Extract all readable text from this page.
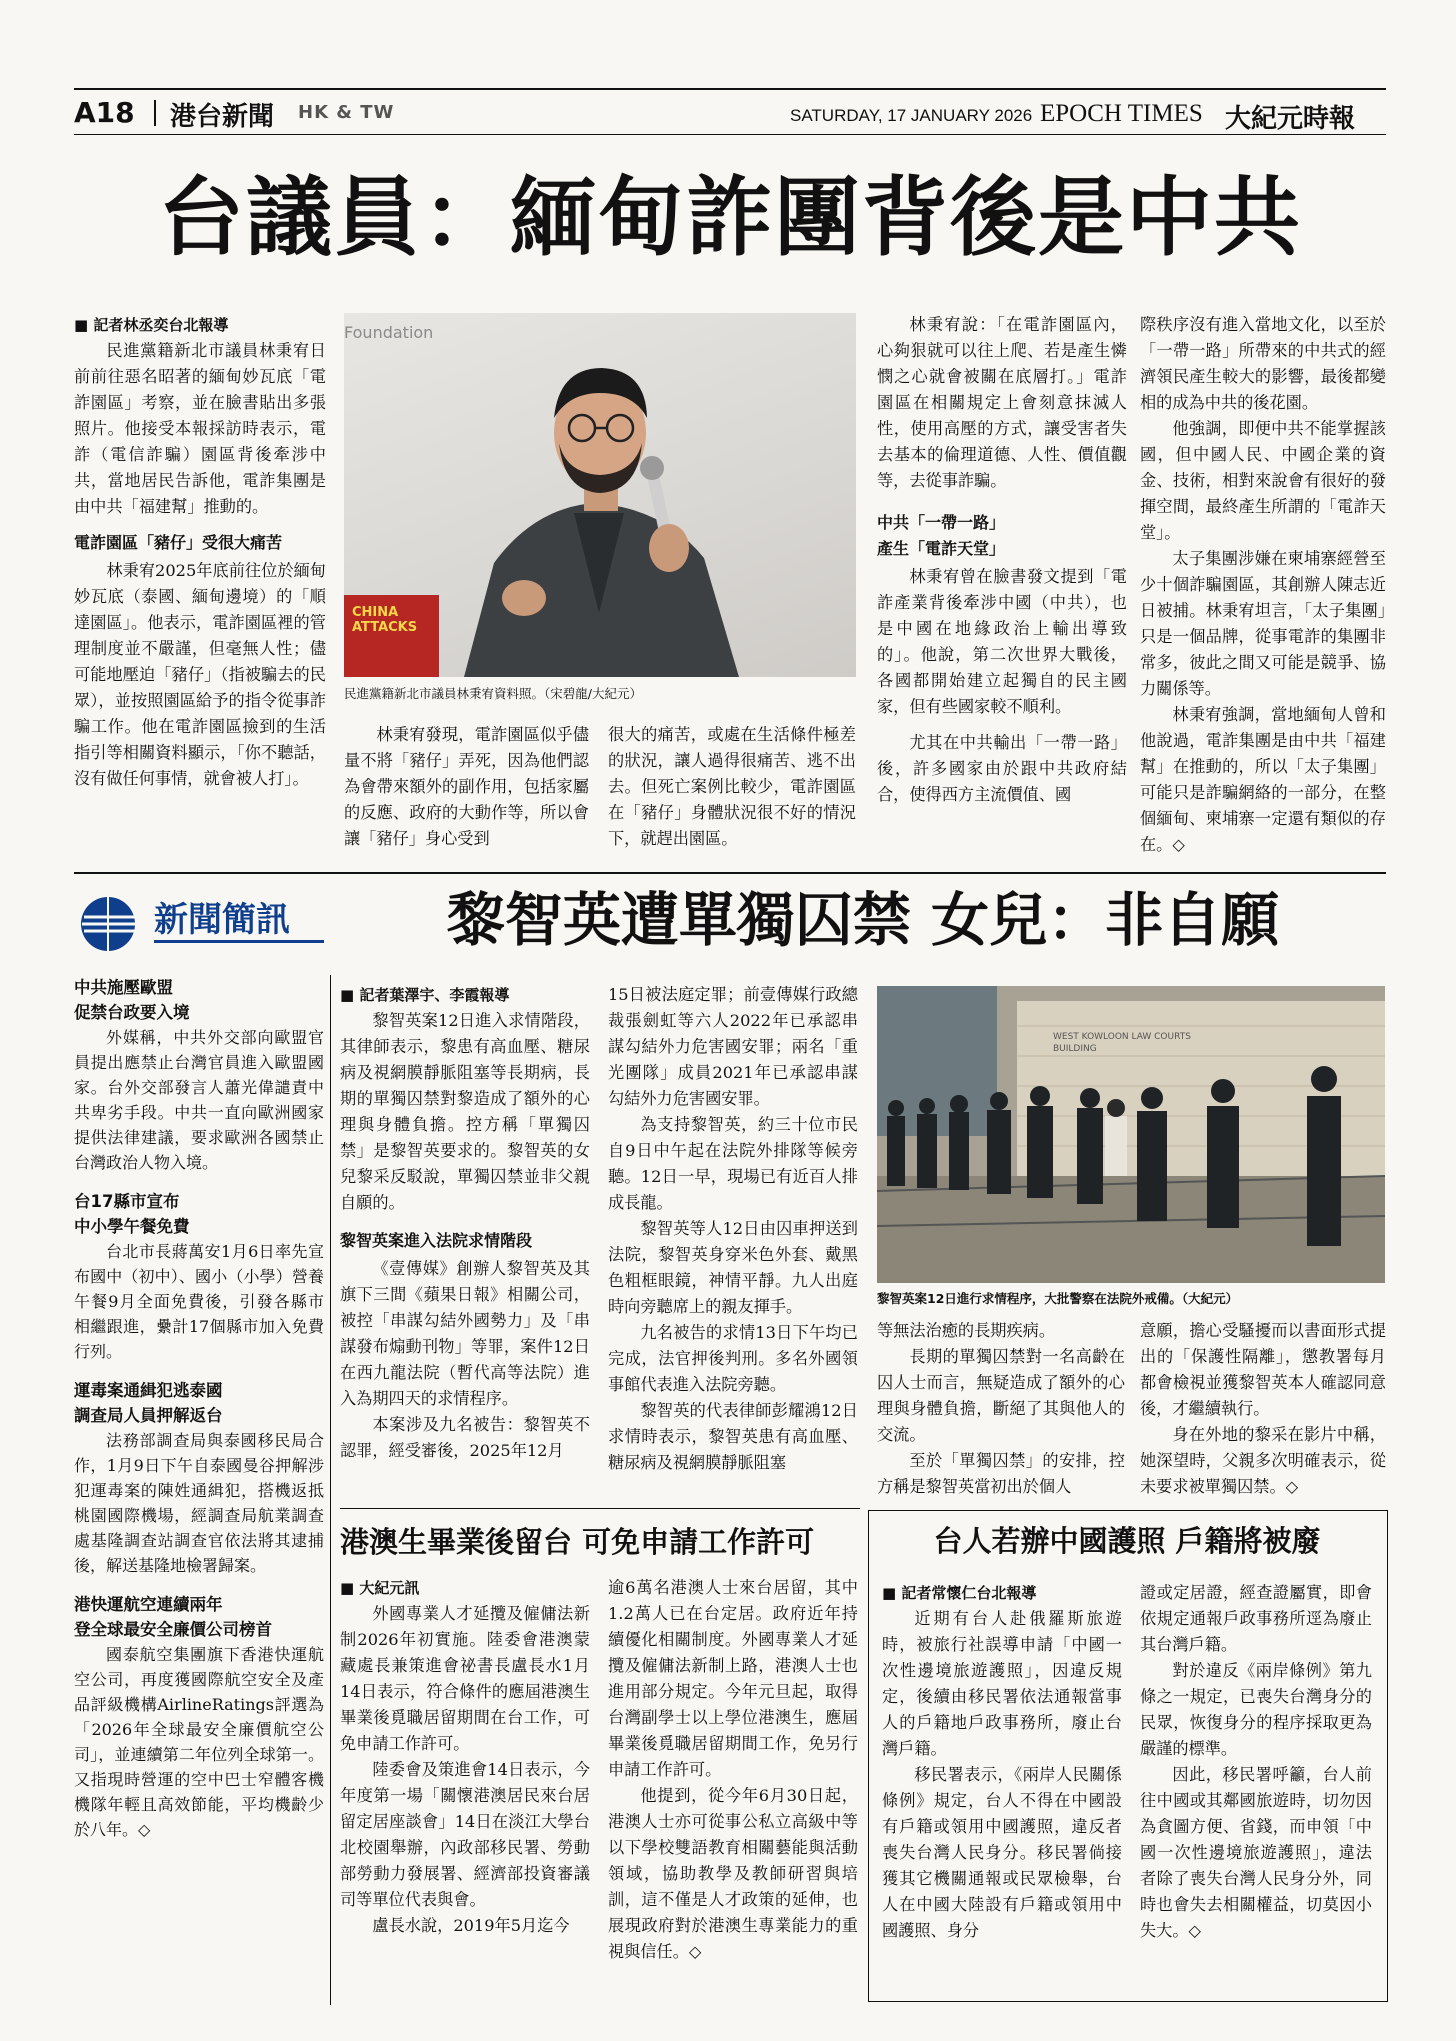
A18 港台新聞 HK & TW	SATURDAY, 17 JANUARY 2026 EPOCH TIMES 大紀元時報
台議員：緬甸詐團背後是中共

■ 記者林丞奕台北報導

民進黨籍新北市議員林秉宥日前前往惡名昭著的緬甸妙瓦底「電詐園區」考察，並在臉書貼出多張照片。他接受本報採訪時表示，電詐（電信詐騙）園區背後牽涉中共，當地居民告訴他，電詐集團是由中共「福建幫」推動的。

電詐園區「豬仔」受很大痛苦

林秉宥2025年底前往位於緬甸妙瓦底（泰國、緬甸邊境）的「順達園區」。他表示，電詐園區裡的管理制度並不嚴謹，但毫無人性；儘可能地壓迫「豬仔」（指被騙去的民眾），並按照園區給予的指令從事詐騙工作。他在電詐園區撿到的生活指引等相關資料顯示，「你不聽話，沒有做任何事情，就會被人打」。

Foundation
CHINA ATTACKS
民進黨籍新北市議員林秉宥資料照。（宋碧龍/大紀元）

林秉宥發現，電詐園區似乎儘量不將「豬仔」弄死，因為他們認為會帶來額外的副作用，包括家屬的反應、政府的大動作等，所以會讓「豬仔」身心受到

很大的痛苦，或處在生活條件極差的狀況，讓人過得很痛苦、逃不出去。但死亡案例比較少，電詐園區在「豬仔」身體狀況很不好的情況下，就趕出園區。

林秉宥說：「在電詐園區內，心夠狠就可以往上爬、若是產生憐憫之心就會被關在底層打。」電詐園區在相關規定上會刻意抹滅人性，使用高壓的方式，讓受害者失去基本的倫理道德、人性、價值觀等，去從事詐騙。

中共「一帶一路」
產生「電詐天堂」

林秉宥曾在臉書發文提到「電詐產業背後牽涉中國（中共），也是中國在地緣政治上輸出導致的」。他說，第二次世界大戰後，各國都開始建立起獨自的民主國家，但有些國家較不順利。

尤其在中共輸出「一帶一路」後，許多國家由於跟中共政府結合，使得西方主流價值、國

際秩序沒有進入當地文化，以至於「一帶一路」所帶來的中共式的經濟領民產生較大的影響，最後都變相的成為中共的後花園。

他強調，即便中共不能掌握該國，但中國人民、中國企業的資金、技術，相對來說會有很好的發揮空間，最終產生所謂的「電詐天堂」。

太子集團涉嫌在柬埔寨經營至少十個詐騙園區，其創辦人陳志近日被捕。林秉宥坦言，「太子集團」只是一個品牌，從事電詐的集團非常多，彼此之間又可能是競爭、協力關係等。

林秉宥強調，當地緬甸人曾和他說過，電詐集團是由中共「福建幫」在推動的，所以「太子集團」可能只是詐騙網絡的一部分，在整個緬甸、柬埔寨一定還有類似的存在。◇

新聞簡訊
中共施壓歐盟
促禁台政要入境

外媒稱，中共外交部向歐盟官員提出應禁止台灣官員進入歐盟國家。台外交部發言人蕭光偉譴責中共卑劣手段。中共一直向歐洲國家提供法律建議，要求歐洲各國禁止台灣政治人物入境。

台17縣市宣布
中小學午餐免費

台北市長蔣萬安1月6日率先宣布國中（初中）、國小（小學）營養午餐9月全面免費後，引發各縣市相繼跟進，纍計17個縣市加入免費行列。

運毒案通緝犯逃泰國
調查局人員押解返台

法務部調查局與泰國移民局合作，1月9日下午自泰國曼谷押解涉犯運毒案的陳姓通緝犯，搭機返抵桃園國際機場，經調查局航業調查處基隆調查站調查官依法將其逮捕後，解送基隆地檢署歸案。

港快運航空連續兩年
登全球最安全廉價公司榜首

國泰航空集團旗下香港快運航空公司，再度獲國際航空安全及產品評級機構AirlineRatings評選為「2026年全球最安全廉價航空公司」，並連續第二年位列全球第一。又指現時營運的空中巴士窄體客機機隊年輕且高效節能，平均機齡少於八年。◇

黎智英遭單獨囚禁 女兒：非自願

■ 記者葉澤宇、李霞報導

黎智英案12日進入求情階段，其律師表示，黎患有高血壓、糖尿病及視網膜靜脈阻塞等長期病，長期的單獨囚禁對黎造成了額外的心理與身體負擔。控方稱「單獨囚禁」是黎智英要求的。黎智英的女兒黎采反駁說，單獨囚禁並非父親自願的。

黎智英案進入法院求情階段

《壹傳媒》創辦人黎智英及其旗下三間《蘋果日報》相關公司，被控「串謀勾結外國勢力」及「串謀發布煽動刊物」等罪，案件12日在西九龍法院（暫代高等法院）進入為期四天的求情程序。

本案涉及九名被告：黎智英不認罪，經受審後，2025年12月

15日被法庭定罪；前壹傳媒行政總裁張劍虹等六人2022年已承認串謀勾結外力危害國安罪；兩名「重光團隊」成員2021年已承認串謀勾結外力危害國安罪。

為支持黎智英，約三十位市民自9日中午起在法院外排隊等候旁聽。12日一早，現場已有近百人排成長龍。

黎智英等人12日由囚車押送到法院，黎智英身穿米色外套、戴黑色粗框眼鏡，神情平靜。九人出庭時向旁聽席上的親友揮手。

九名被告的求情13日下午均已完成，法官押後判刑。多名外國領事館代表進入法院旁聽。

黎智英的代表律師彭耀鴻12日求情時表示，黎智英患有高血壓、糖尿病及視網膜靜脈阻塞

WEST KOWLOON LAW COURTS BUILDING
黎智英案12日進行求情程序，大批警察在法院外戒備。（大紀元）

等無法治癒的長期疾病。

長期的單獨囚禁對一名高齡在囚人士而言，無疑造成了額外的心理與身體負擔，斷絕了其與他人的交流。

至於「單獨囚禁」的安排，控方稱是黎智英當初出於個人

意願，擔心受騷擾而以書面形式提出的「保護性隔離」，懲教署每月都會檢視並獲黎智英本人確認同意後，才繼續執行。

身在外地的黎采在影片中稱，她深望時，父親多次明確表示，從未要求被單獨囚禁。◇

港澳生畢業後留台 可免申請工作許可

■ 大紀元訊

外國專業人才延攬及僱傭法新制2026年初實施。陸委會港澳蒙藏處長兼策進會祕書長盧長水1月14日表示，符合條件的應屆港澳生畢業後覓職居留期間在台工作，可免申請工作許可。

陸委會及策進會14日表示，今年度第一場「關懷港澳居民來台居留定居座談會」14日在淡江大學台北校園舉辦，內政部移民署、勞動部勞動力發展署、經濟部投資審議司等單位代表與會。

盧長水說，2019年5月迄今

逾6萬名港澳人士來台居留，其中1.2萬人已在台定居。政府近年持續優化相關制度。外國專業人才延攬及僱傭法新制上路，港澳人士也進用部分規定。今年元旦起，取得台灣副學士以上學位港澳生，應屆畢業後覓職居留期間工作，免另行申請工作許可。

他提到，從今年6月30日起，港澳人士亦可從事公私立高級中等以下學校雙語教育相關藝能與活動領域，協助教學及教師研習與培訓，這不僅是人才政策的延伸，也展現政府對於港澳生專業能力的重視與信任。◇

台人若辦中國護照 戶籍將被廢

■ 記者常懷仁台北報導

近期有台人赴俄羅斯旅遊時，被旅行社誤導申請「中國一次性邊境旅遊護照」，因違反規定，後續由移民署依法通報當事人的戶籍地戶政事務所，廢止台灣戶籍。

移民署表示，《兩岸人民關係條例》規定，台人不得在中國設有戶籍或領用中國護照，違反者喪失台灣人民身分。移民署倘接獲其它機關通報或民眾檢舉，台人在中國大陸設有戶籍或領用中國護照、身分

證或定居證，經查證屬實，即會依規定通報戶政事務所逕為廢止其台灣戶籍。

對於違反《兩岸條例》第九條之一規定，已喪失台灣身分的民眾，恢復身分的程序採取更為嚴謹的標準。

因此，移民署呼籲，台人前往中國或其鄰國旅遊時，切勿因為貪圖方便、省錢，而申領「中國一次性邊境旅遊護照」，違法者除了喪失台灣人民身分外，同時也會失去相關權益，切莫因小失大。◇
